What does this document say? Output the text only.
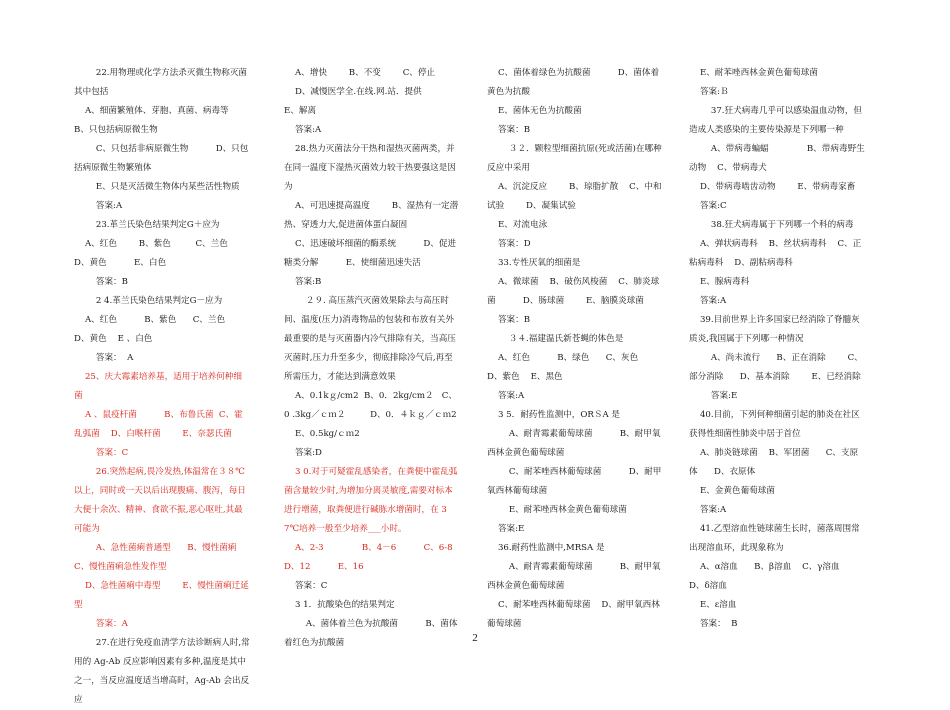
22.用物理或化学方法杀灭微生物称灭菌其中包括

A、细菌繁殖体、芽胞、真菌、病毒等        B、只包括病原微生物

C、只包括非病原微生物          D、只包括病原微生物繁殖体

E、只是灭活微生物体内某些活性物质

答案:A

23.革兰氏染色结果判定G＋应为

A、红色        B、紫色         C、兰色          D、黄色          E、白色

答案：B

2 4.革兰氏染色结果判定G－应为

A、红色          B、紫色      C、兰色    D、黄色    E 、白色

答案：  A

25、庆大霉素培养基，适用于培养何种细菌

A 、鼠疫杆菌          B、布鲁氏菌  C、霍乱弧菌    D、白喉杆菌        E、奈瑟氏菌

答案：C

26.突然起病,畏冷发热,体温常在３８℃以上，同时或一天以后出现腹痛、腹泻，每日大便十余次、精神、食欲不振,恶心呕吐,其最可能为

A、急性菌痢普通型      B、慢性菌痢          C、慢性菌痢急性发作型

D、急性菌痢中毒型        E、慢性菌痢迁延型

答案：A

27.在进行免疫血清学方法诊断病人时,常用的 Ag-Ab 反应影响因素有多种,温度是其中之一，当反应温度适当增高时，Ag-Ab 会出反应

A、增快        B、不变        C、停止

D、减慢医学全.在线.网.站．提供          E、解离

答案:A

28.热力灭菌法分干热和湿热灭菌两类，并在同一温度下湿热灭菌效力较干热要强这是因为

A、可迅速提高温度        B、湿热有一定潜热、穿透力大,促进菌体蛋白凝固

C、迅速破坏细菌的酶系统          D、促进糖类分解          E、使细菌迅速失活

答案:B

２９. 高压蒸汽灭菌效果除去与高压时间、温度(压力)消毒物品的包装和布放有关外最重要的是与灭菌器内冷气排除有关，当高压灭菌时,压力升至多少，彻底排除冷气后,再至所需压力，才能达到满意效果

A、0.1kｇ/cm2  B、0．2kg/cm２   C、0 .3kg／ｃｍ２         D、0．４ｋｇ／ｃｍ2

E、0.5kg/ｃｍ2

答案:D

3 0.对于可疑霍乱感染者，在粪便中霍乱弧菌含量较少时,为增加分离灵敏度,需要对标本进行增菌，取粪便进行碱胨水增菌时，在 37℃培养一般至少培养___小时。

A、2-3              B、4－6          C、6-8     D、12          E、16

答案：C

3 1．抗酸染色的结果判定

A、菌体着兰色为抗酸菌          B、菌体着红色为抗酸菌

C、菌体着绿色为抗酸菌          D、菌体着黄色为抗酸

E、菌体无色为抗酸菌

答案：B

３２．颗粒型细菌抗原(死或活菌)在哪种反应中采用

A、沉淀反应        B、琼脂扩散    C、中和试验        D、凝集试验

E、对流电泳

答案：D

33.专性厌氧的细菌是

A、微球菌    B、破伤风梭菌    C、肺炎球菌          D、肠球菌        E、脑膜炎球菌

答案：B

３４.福建温氏新苍蝇的体色是

A、红色          B、绿色      C、灰色       D、紫色    E、黑色

答案:A

3 5．耐药性监测中，ORＳA 是

A、耐青霉素葡萄球菌          B、耐甲氧西林金黄色葡萄球菌

C、耐苯唑西林葡萄球菌          D、耐甲氧西林葡萄球菌

E、耐苯唑西林金黄色葡萄球菌

答案:E

36.耐药性监测中,MRSA 是

A、耐青霉素葡萄球菌          B、耐甲氧西林金黄色葡萄球菌

C、耐苯唑西林葡萄球菌    D、耐甲氧西林葡萄球菌

E、耐苯唑西林金黄色葡萄球菌

答案:Ｂ

37.狂犬病毒几乎可以感染温血动物，但造成人类感染的主要传染源是下列哪一种

A、带病毒蝙蝠              B、带病毒野生动物    C、带病毒犬

D、带病毒啮齿动物        E、带病毒家畜

答案:C

38.狂犬病毒属于下列哪一个科的病毒

A、弹状病毒科    B、丝状病毒科    C、正粘病毒科    D、副粘病毒科

E、腺病毒科

答案:A

39.目前世界上许多国家已经消除了脊髓灰质炎,我国属于下列哪一种情况

A、尚未流行      B、正在消除        C、部分消除      D、基本消除        E、已经消除

答案:E

40.目前，下列何种细菌引起的肺炎在社区获得性细菌性肺炎中居于首位

A、肺炎链球菌    B、军团菌      C、支原体      D、衣原体

E、金黄色葡萄球菌

答案:A

41.乙型溶血性链球菌生长时，菌落周围常出现溶血环，此现象称为

A、α溶血      B、β溶血    C、γ溶血      D、δ溶血

E、ε溶血

答案：  B

2
